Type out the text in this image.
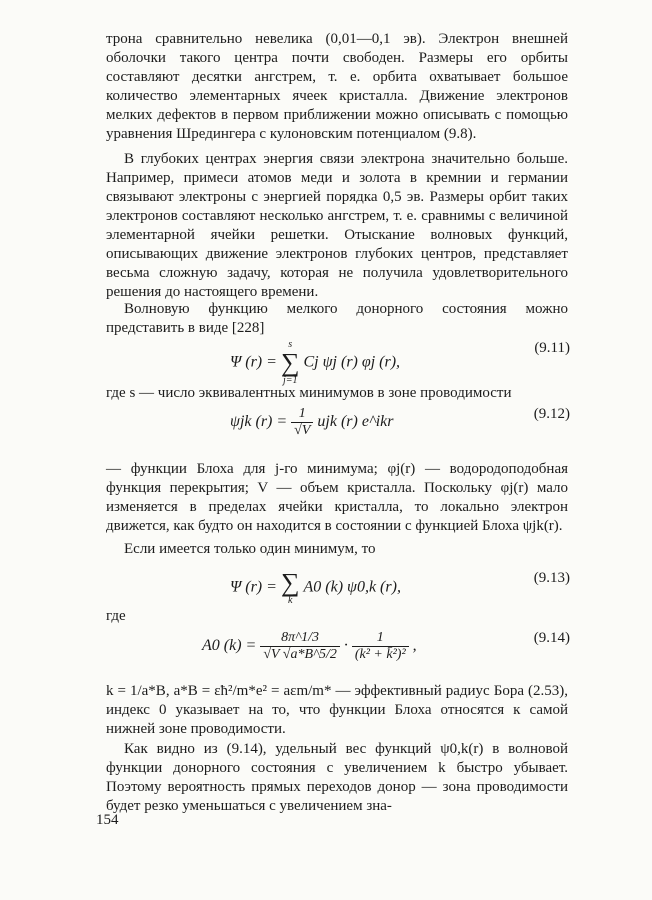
трона сравнительно невелика (0,01—0,1 эв). Электрон внешней оболочки такого центра почти свободен. Размеры его орбиты составляют десятки ангстрем, т. е. орбита охватывает большое количество элементарных ячеек кристалла. Движение электронов мелких дефектов в первом приближении можно описывать с помощью уравнения Шредингера с кулоновским потенциалом (9.8).

В глубоких центрах энергия связи электрона значительно больше. Например, примеси атомов меди и золота в кремнии и германии связывают электроны с энергией порядка 0,5 эв. Размеры орбит таких электронов составляют несколько ангстрем, т. е. сравнимы с величиной элементарной ячейки решетки. Отыскание волновых функций, описывающих движение электронов глубоких центров, представляет весьма сложную задачу, которая не получила удовлетворительного решения до настоящего времени.

Волновую функцию мелкого донорного состояния можно представить в виде [228]

Ψ (r) =
s
∑
j=1
Cj ψj (r) φj (r),
(9.11)

где s — число эквивалентных минимумов в зоне проводимости

ψjk $(r) = \frac{1}{√V}$ ujk (r) e^ikr	(9.12)

— функции Блоха для j-го минимума; φj(r) — водородоподобная функция перекрытия; V — объем кристалла. Поскольку φj(r) мало изменяется в пределах ячейки кристалла, то локально электрон движется, как будто он находится в состоянии с функцией Блоха ψjk(r).

Если имеется только один минимум, то

Ψ (r) = ∑
k
A0 (k) ψ0,k (r),
(9.13)
где
A0 $(k) = \frac{8\pi\^{}1/3}{√V √a*B\^{}5/2} \cdot \frac{1}{\text{(k² + k̄²)²}}$ ,	(9.14)

k = 1/a*B, a*B = εħ²/m*e² = aεm/m* — эффективный радиус Бора (2.53), индекс 0 указывает на то, что функции Блоха относятся к самой нижней зоне проводимости.

Как видно из (9.14), удельный вес функций ψ0,k(r) в волновой функции донорного состояния с увеличением k быстро убывает. Поэтому вероятность прямых переходов донор — зона проводимости будет резко уменьшаться с увеличением зна-

154
